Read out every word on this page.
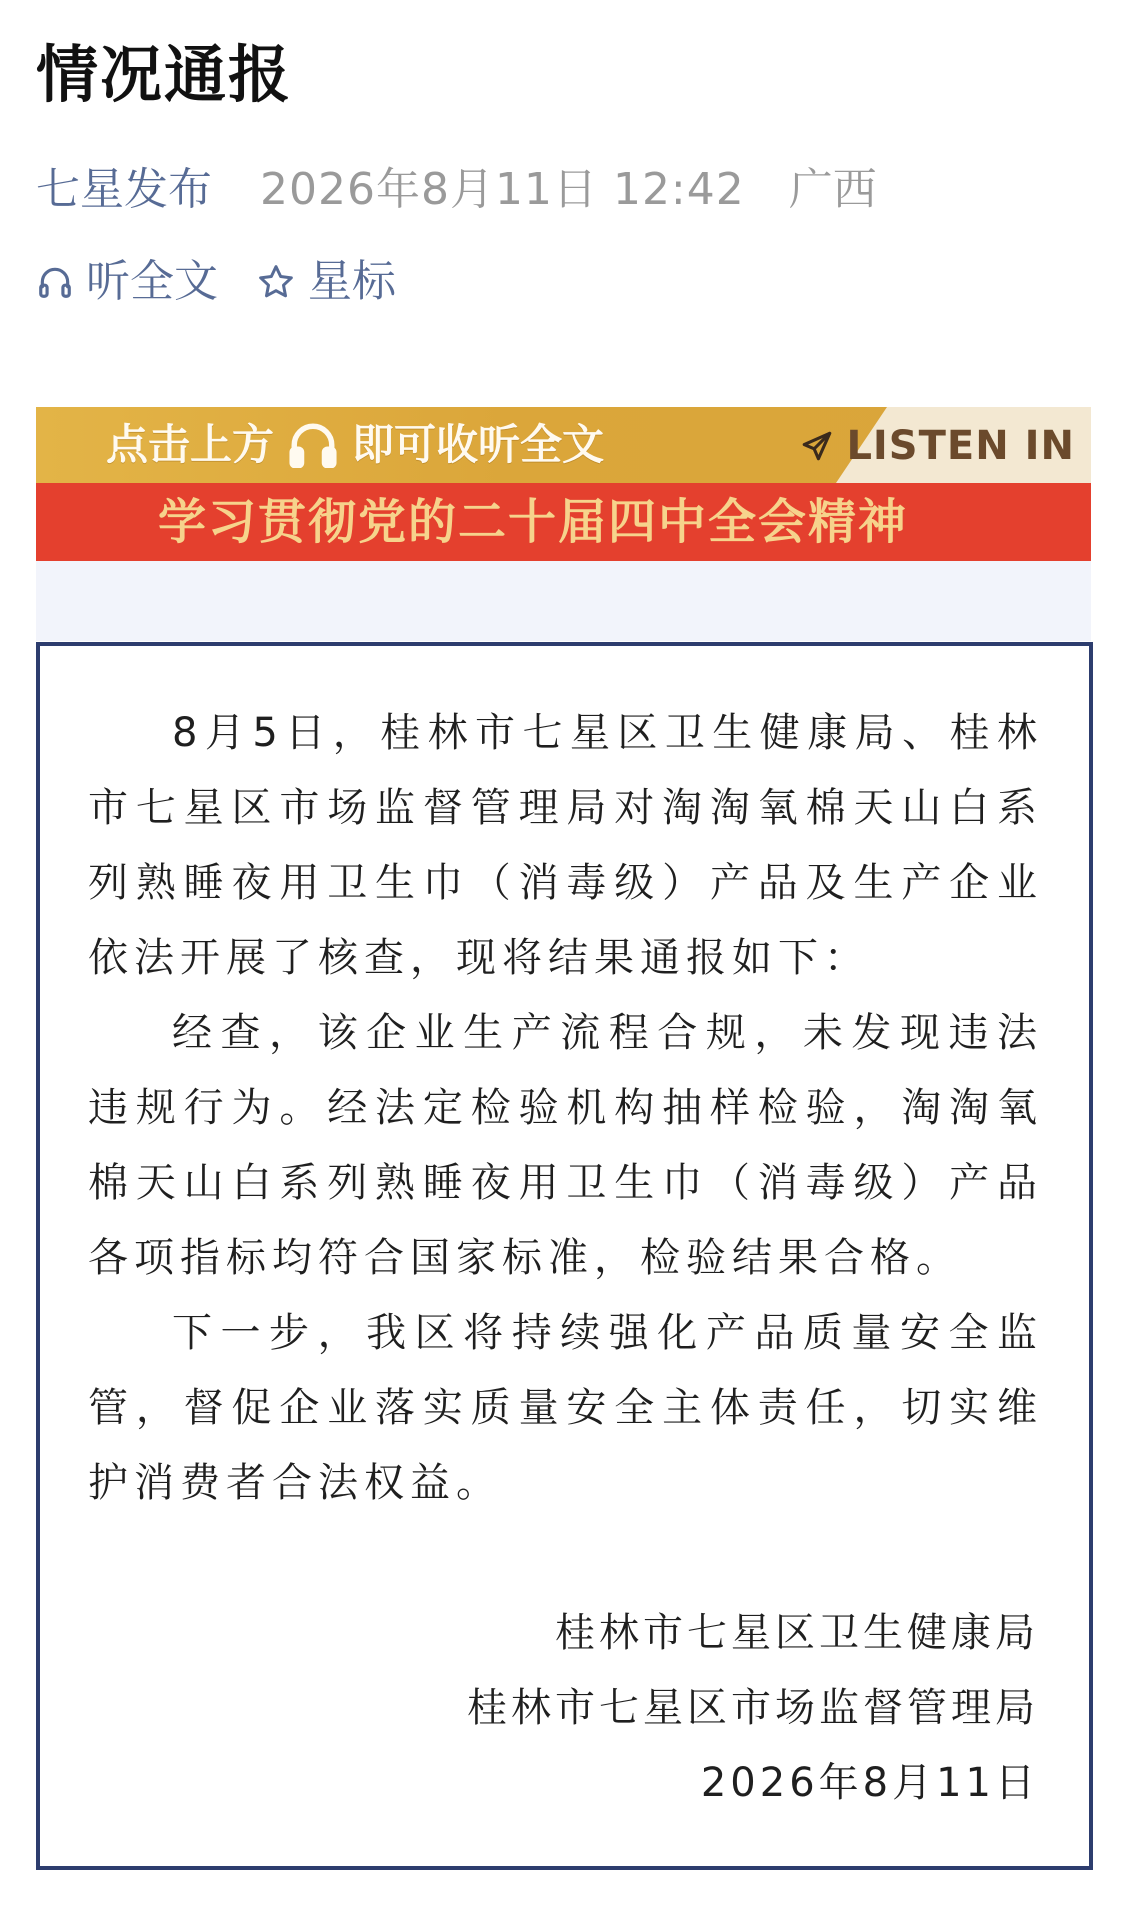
情况通报
七星发布 2026年8月11日 12:42 广西
听全文 星标
点击上方 即可收听全文	LISTEN IN
学习贯彻党的二十届四中全会精神

8月5日，桂林市七星区卫生健康局、桂林市七星区市场监督管理局对淘淘氧棉天山白系列熟睡夜用卫生巾（消毒级）产品及生产企业依法开展了核查，现将结果通报如下：

经查，该企业生产流程合规，未发现违法违规行为。经法定检验机构抽样检验，淘淘氧棉天山白系列熟睡夜用卫生巾（消毒级）产品各项指标均符合国家标准，检验结果合格。

下一步，我区将持续强化产品质量安全监管，督促企业落实质量安全主体责任，切实维护消费者合法权益。

桂林市七星区卫生健康局
桂林市七星区市场监督管理局
2026年8月11日
